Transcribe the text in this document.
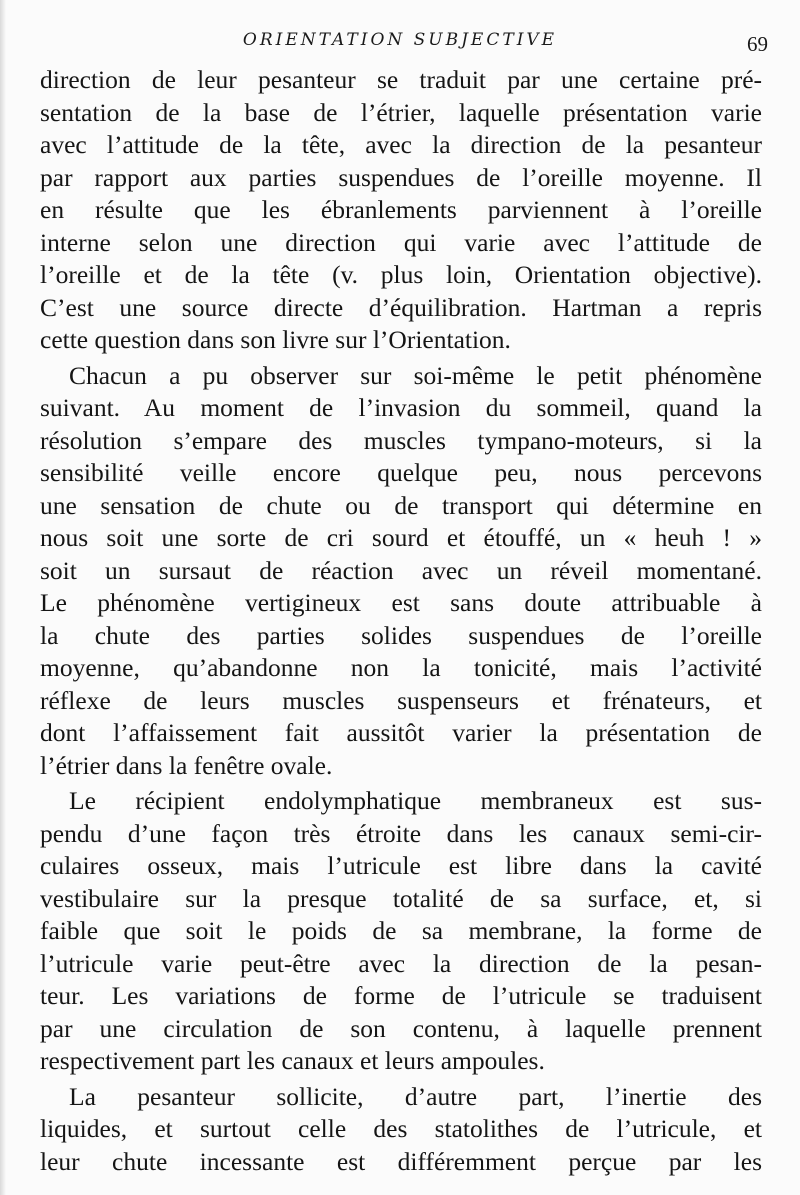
ORIENTATION SUBJECTIVE	69
direction de leur pesanteur se traduit par une certaine pré-
sentation de la base de l’étrier, laquelle présentation varie
avec l’attitude de la tête, avec la direction de la pesanteur
par rapport aux parties suspendues de l’oreille moyenne. Il
en résulte que les ébranlements parviennent à l’oreille
interne selon une direction qui varie avec l’attitude de
l’oreille et de la tête (v. plus loin, Orientation objective).
C’est une source directe d’équilibration. Hartman a repris
cette question dans son livre sur l’Orientation.
Chacun a pu observer sur soi-même le petit phénomène
suivant. Au moment de l’invasion du sommeil, quand la
résolution s’empare des muscles tympano-moteurs, si la
sensibilité veille encore quelque peu, nous percevons
une sensation de chute ou de transport qui détermine en
nous soit une sorte de cri sourd et étouffé, un « heuh ! »
soit un sursaut de réaction avec un réveil momentané.
Le phénomène vertigineux est sans doute attribuable à
la chute des parties solides suspendues de l’oreille
moyenne, qu’abandonne non la tonicité, mais l’activité
réflexe de leurs muscles suspenseurs et frénateurs, et
dont l’affaissement fait aussitôt varier la présentation de
l’étrier dans la fenêtre ovale.
Le récipient endolymphatique membraneux est sus-
pendu d’une façon très étroite dans les canaux semi-cir-
culaires osseux, mais l’utricule est libre dans la cavité
vestibulaire sur la presque totalité de sa surface, et, si
faible que soit le poids de sa membrane, la forme de
l’utricule varie peut-être avec la direction de la pesan-
teur. Les variations de forme de l’utricule se traduisent
par une circulation de son contenu, à laquelle prennent
respectivement part les canaux et leurs ampoules.
La pesanteur sollicite, d’autre part, l’inertie des
liquides, et surtout celle des statolithes de l’utricule, et
leur chute incessante est différemment perçue par les
